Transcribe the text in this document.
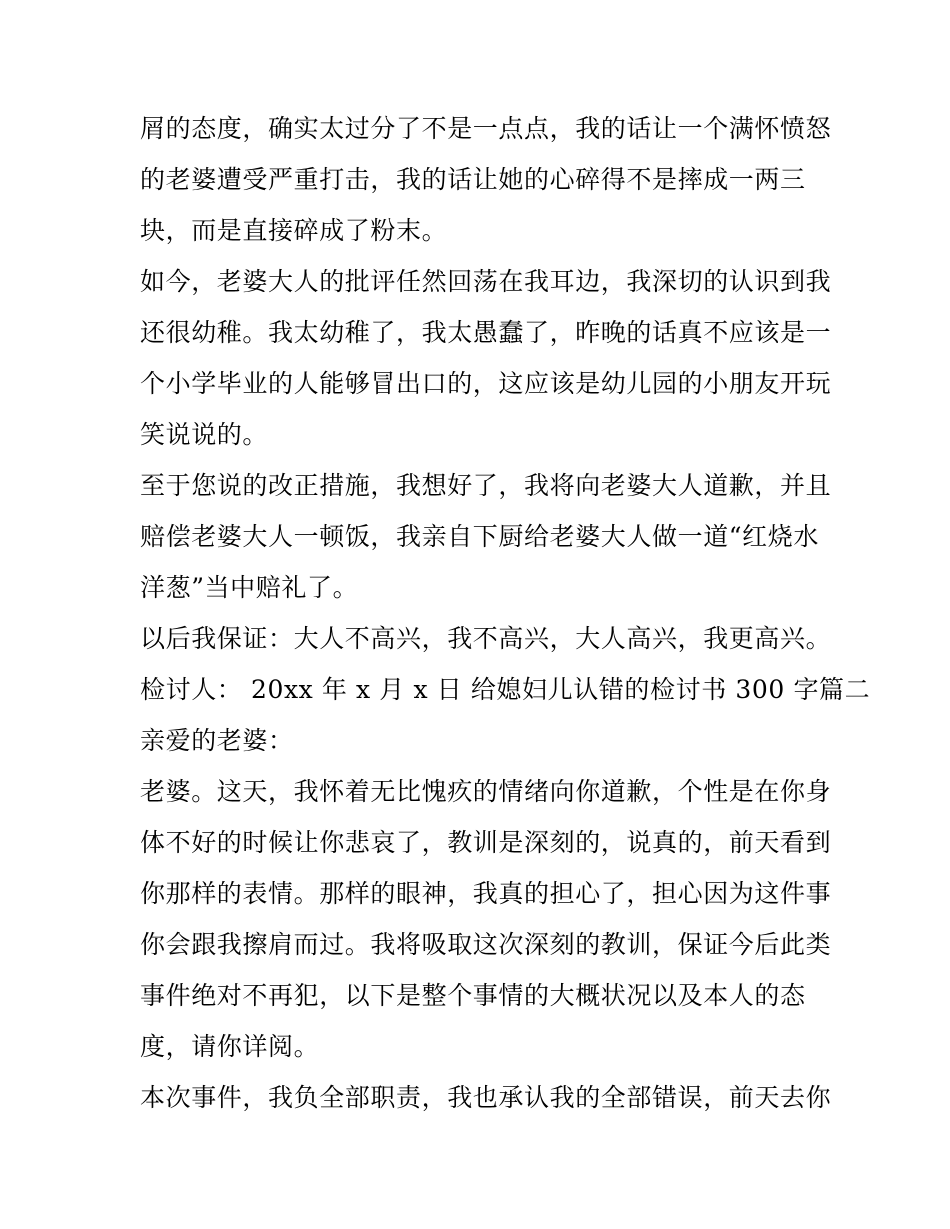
屑的态度，确实太过分了不是一点点，我的话让一个满怀愤怒
的老婆遭受严重打击，我的话让她的心碎得不是摔成一两三
块，而是直接碎成了粉末。
如今，老婆大人的批评任然回荡在我耳边，我深切的认识到我
还很幼稚。我太幼稚了，我太愚蠢了，昨晚的话真不应该是一
个小学毕业的人能够冒出口的，这应该是幼儿园的小朋友开玩
笑说说的。
至于您说的改正措施，我想好了，我将向老婆大人道歉，并且
赔偿老婆大人一顿饭，我亲自下厨给老婆大人做一道“红烧水
洋葱”当中赔礼了。
以后我保证：大人不高兴，我不高兴，大人高兴，我更高兴。
检讨人： 20xx 年 x 月 x 日 给媳妇儿认错的检讨书 300 字篇二
亲爱的老婆：
老婆。这天，我怀着无比愧疚的情绪向你道歉，个性是在你身
体不好的时候让你悲哀了，教训是深刻的，说真的，前天看到
你那样的表情。那样的眼神，我真的担心了，担心因为这件事
你会跟我擦肩而过。我将吸取这次深刻的教训，保证今后此类
事件绝对不再犯，以下是整个事情的大概状况以及本人的态
度，请你详阅。
本次事件，我负全部职责，我也承认我的全部错误，前天去你
